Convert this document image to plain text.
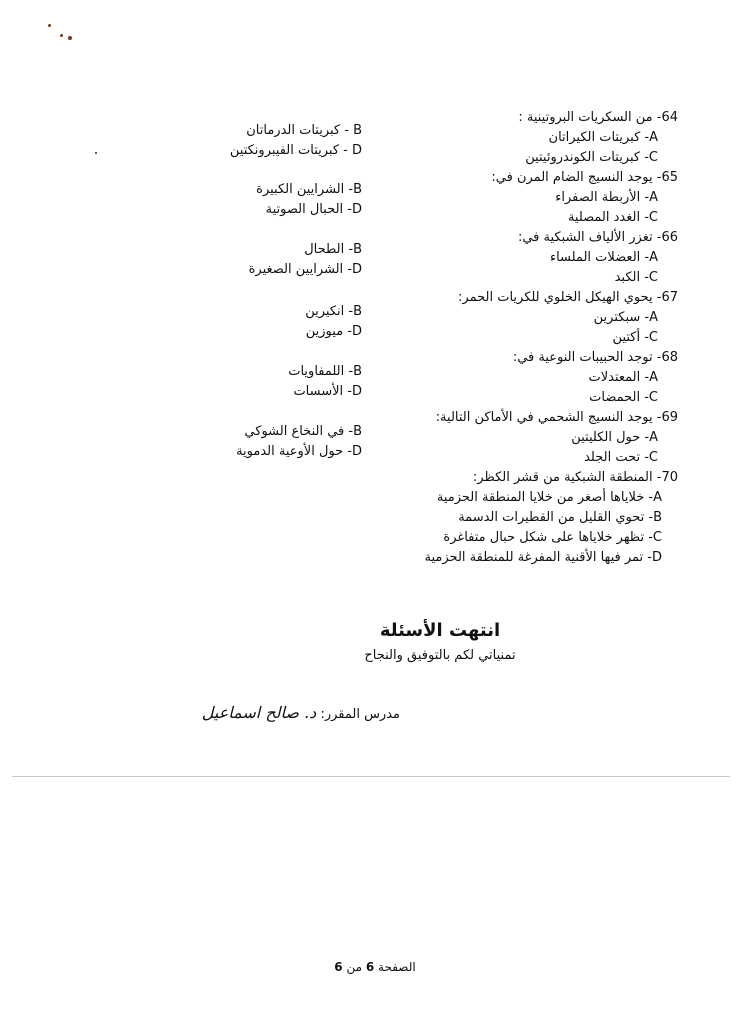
64- من السكريات البروتينية :
A- كبريتات الكيراتان
C- كبريتات الكوندروئيتين
B - كبريتات الدرماتان
D - كبريتات الفيبرونكتين
65- يوجد النسيج الضام المرن في:
A- الأربطة الصفراء
C- الغدد المصلية
B- الشرايين الكبيرة
D- الحبال الصوتية
66- تغزر الألياف الشبكية في:
A- العضلات الملساء
C- الكبد
B- الطحال
D- الشرايين الصغيرة
67- يحوي الهيكل الخلوي للكريات الحمر:
A- سبكترين
C- أكتين
B- انكيرين
D- ميوزين
68- توجد الحبيبات النوعية في:
A- المعتدلات
C- الحمضات
B- اللمفاويات
D- الأسسات
69- يوجد النسيج الشحمي في الأماكن التالية:
A- حول الكليتين
C- تحت الجلد
B- في النخاع الشوكي
D- حول الأوعية الدموية
70- المنطقة الشبكية من قشر الكظر:
A- خلاياها أصغر من خلايا المنطقة الحزمية
B- تحوي القليل من القطيرات الدسمة
C- تظهر خلاياها على شكل حبال متفاغرة
D- تمر فيها الأقنية المفرغة للمنطقة الحزمية
انتهت الأسئلة
تمنياتي لكم بالتوفيق والنجاح
مدرس المقرر: د. صالح اسماعيل
الصفحة 6 من 6
